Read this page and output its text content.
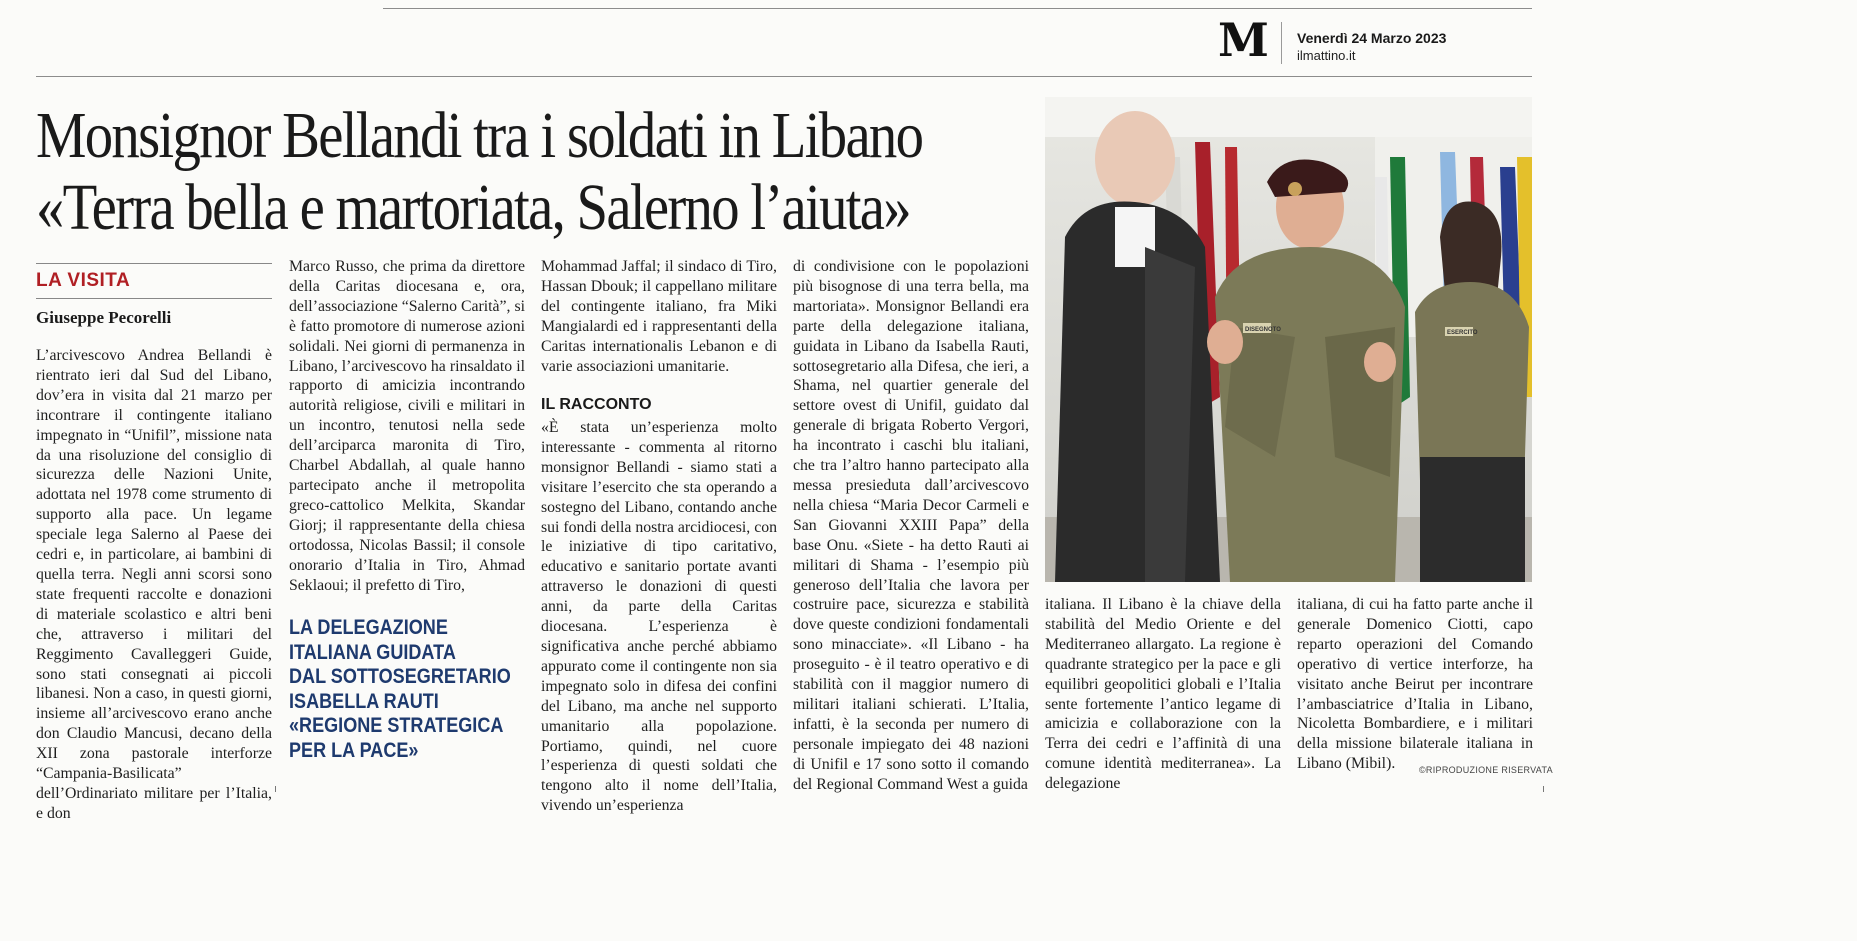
M Venerdì 24 Marzo 2023
ilmattino.it
Monsignor Bellandi tra i soldati in Libano
«Terra bella e martoriata, Salerno l’aiuta»
LA VISITA
Giuseppe Pecorelli

L’arcivescovo Andrea Bellandi è rientrato ieri dal Sud del Libano, dov’era in visita dal 21 marzo per incontrare il contingente italiano impegnato in “Unifil”, missione nata da una risoluzione del consiglio di sicurezza delle Nazioni Unite, adottata nel 1978 come strumento di supporto alla pace. Un legame speciale lega Salerno al Paese dei cedri e, in particolare, ai bambini di quella terra. Negli anni scorsi sono state frequenti raccolte e donazioni di materiale scolastico e altri beni che, attraverso i militari del Reggimento Cavalleggeri Guide, sono stati consegnati ai piccoli libanesi. Non a caso, in questi giorni, insieme all’arcivescovo erano anche don Claudio Mancusi, decano della XII zona pastorale interforze “Campania-Basilicata” dell’Ordinariato militare per l’Italia, e don

Marco Russo, che prima da direttore della Caritas diocesana e, ora, dell’associazione “Salerno Carità”, si è fatto promotore di numerose azioni solidali. Nei giorni di permanenza in Libano, l’arcivescovo ha rinsaldato il rapporto di amicizia incontrando autorità religiose, civili e militari in un incontro, tenutosi nella sede dell’arciparca maronita di Tiro, Charbel Abdallah, al quale hanno partecipato anche il metropolita greco-cattolico Melkita, Skandar Giorj; il rappresentante della chiesa ortodossa, Nicolas Bassil; il console onorario d’Italia in Tiro, Ahmad Seklaoui; il prefetto di Tiro,

LA DELEGAZIONE
ITALIANA GUIDATA
DAL SOTTOSEGRETARIO
ISABELLA RAUTI
«REGIONE STRATEGICA
PER LA PACE»

Mohammad Jaffal; il sindaco di Tiro, Hassan Dbouk; il cappellano militare del contingente italiano, fra Miki Mangialardi ed i rappresentanti della Caritas internationalis Lebanon e di varie associazioni umanitarie.

IL RACCONTO

«È stata un’esperienza molto interessante - commenta al ritorno monsignor Bellandi - siamo stati a visitare l’esercito che sta operando a sostegno del Libano, contando anche sui fondi della nostra arcidiocesi, con le iniziative di tipo caritativo, educativo e sanitario portate avanti attraverso le donazioni di questi anni, da parte della Caritas diocesana. L’esperienza è significativa anche perché abbiamo appurato come il contingente non sia impegnato solo in difesa dei confini del Libano, ma anche nel supporto umanitario alla popolazione. Portiamo, quindi, nel cuore l’esperienza di questi soldati che tengono alto il nome dell’Italia, vivendo un’esperienza

di condivisione con le popolazioni più bisognose di una terra bella, ma martoriata». Monsignor Bellandi era parte della delegazione italiana, guidata in Libano da Isabella Rauti, sottosegretario alla Difesa, che ieri, a Shama, nel quartier generale del settore ovest di Unifil, guidato dal generale di brigata Roberto Vergori, ha incontrato i caschi blu italiani, che tra l’altro hanno partecipato alla messa presieduta dall’arcivescovo nella chiesa “Maria Decor Carmeli e San Giovanni XXIII Papa” della base Onu. «Siete - ha detto Rauti ai militari di Shama - l’esempio più generoso dell’Italia che lavora per costruire pace, sicurezza e stabilità dove queste condizioni fondamentali sono minacciate». «Il Libano - ha proseguito - è il teatro operativo e di stabilità con il maggior numero di militari italiani schierati. L’Italia, infatti, è la seconda per numero di personale impiegato dei 48 nazioni di Unifil e 17 sono sotto il comando del Regional Command West a guida

DISEGNOTO	ESERCITO

italiana. Il Libano è la chiave della stabilità del Medio Oriente e del Mediterraneo allargato. La regione è quadrante strategico per la pace e gli equilibri geopolitici globali e l’Italia sente fortemente l’antico legame di amicizia e collaborazione con la Terra dei cedri e l’affinità di una comune identità mediterranea». La delegazione

italiana, di cui ha fatto parte anche il generale Domenico Ciotti, capo reparto operazioni del Comando operativo di vertice interforze, ha visitato anche Beirut per incontrare l’ambasciatrice d’Italia in Libano, Nicoletta Bombardiere, e i militari della missione bilaterale italiana in Libano (Mibil).	©RIPRODUZIONE RISERVATA
